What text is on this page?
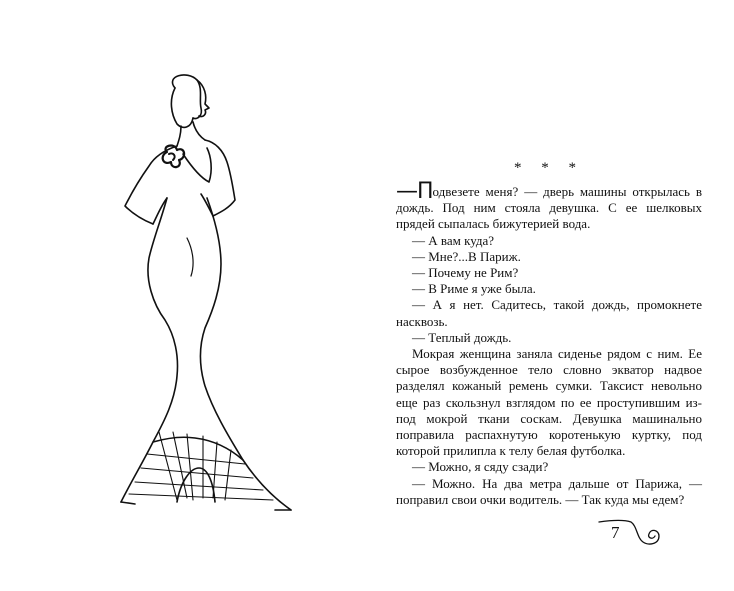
* * *

—Подвезете меня? — дверь машины открылась в дождь. Под ним стояла девушка. С ее шелковых прядей сыпалась бижутерией вода.

— А вам куда?

— Мне?...В Париж.

— Почему не Рим?

— В Риме я уже была.

— А я нет. Садитесь, такой дождь, промокнете насквозь.

— Теплый дождь.

Мокрая женщина заняла сиденье рядом с ним. Ее сырое возбужденное тело словно экватор надвое разделял кожаный ремень сумки. Таксист невольно еще раз скользнул взглядом по ее проступившим из-под мокрой ткани соскам. Девушка машинально поправила распахнутую коротенькую куртку, под которой прилипла к телу белая футболка.

— Можно, я сяду сзади?

— Можно. На два метра дальше от Парижа, — поправил свои очки водитель. — Так куда мы едем?

7
